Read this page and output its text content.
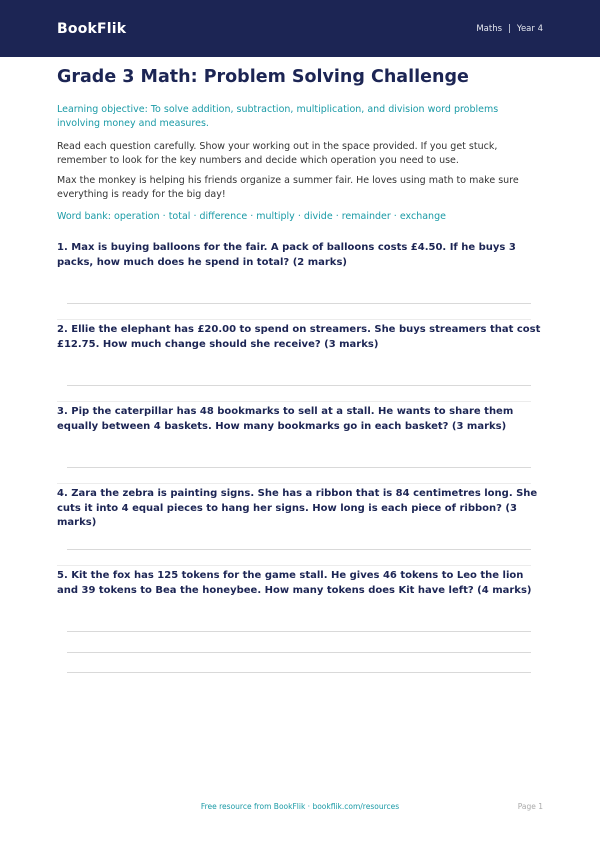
BookFlik	Maths | Year 4
Grade 3 Math: Problem Solving Challenge
Learning objective: To solve addition, subtraction, multiplication, and division word problems involving money and measures.
Read each question carefully. Show your working out in the space provided. If you get stuck, remember to look for the key numbers and decide which operation you need to use.
Max the monkey is helping his friends organize a summer fair. He loves using math to make sure everything is ready for the big day!
Word bank: operation · total · difference · multiply · divide · remainder · exchange
1. Max is buying balloons for the fair. A pack of balloons costs £4.50. If he buys 3 packs, how much does he spend in total? (2 marks)
2. Ellie the elephant has £20.00 to spend on streamers. She buys streamers that cost £12.75. How much change should she receive? (3 marks)
3. Pip the caterpillar has 48 bookmarks to sell at a stall. He wants to share them equally between 4 baskets. How many bookmarks go in each basket? (3 marks)
4. Zara the zebra is painting signs. She has a ribbon that is 84 centimetres long. She cuts it into 4 equal pieces to hang her signs. How long is each piece of ribbon? (3 marks)
5. Kit the fox has 125 tokens for the game stall. He gives 46 tokens to Leo the lion and 39 tokens to Bea the honeybee. How many tokens does Kit have left? (4 marks)
Free resource from BookFlik · bookflik.com/resources	Page 1
